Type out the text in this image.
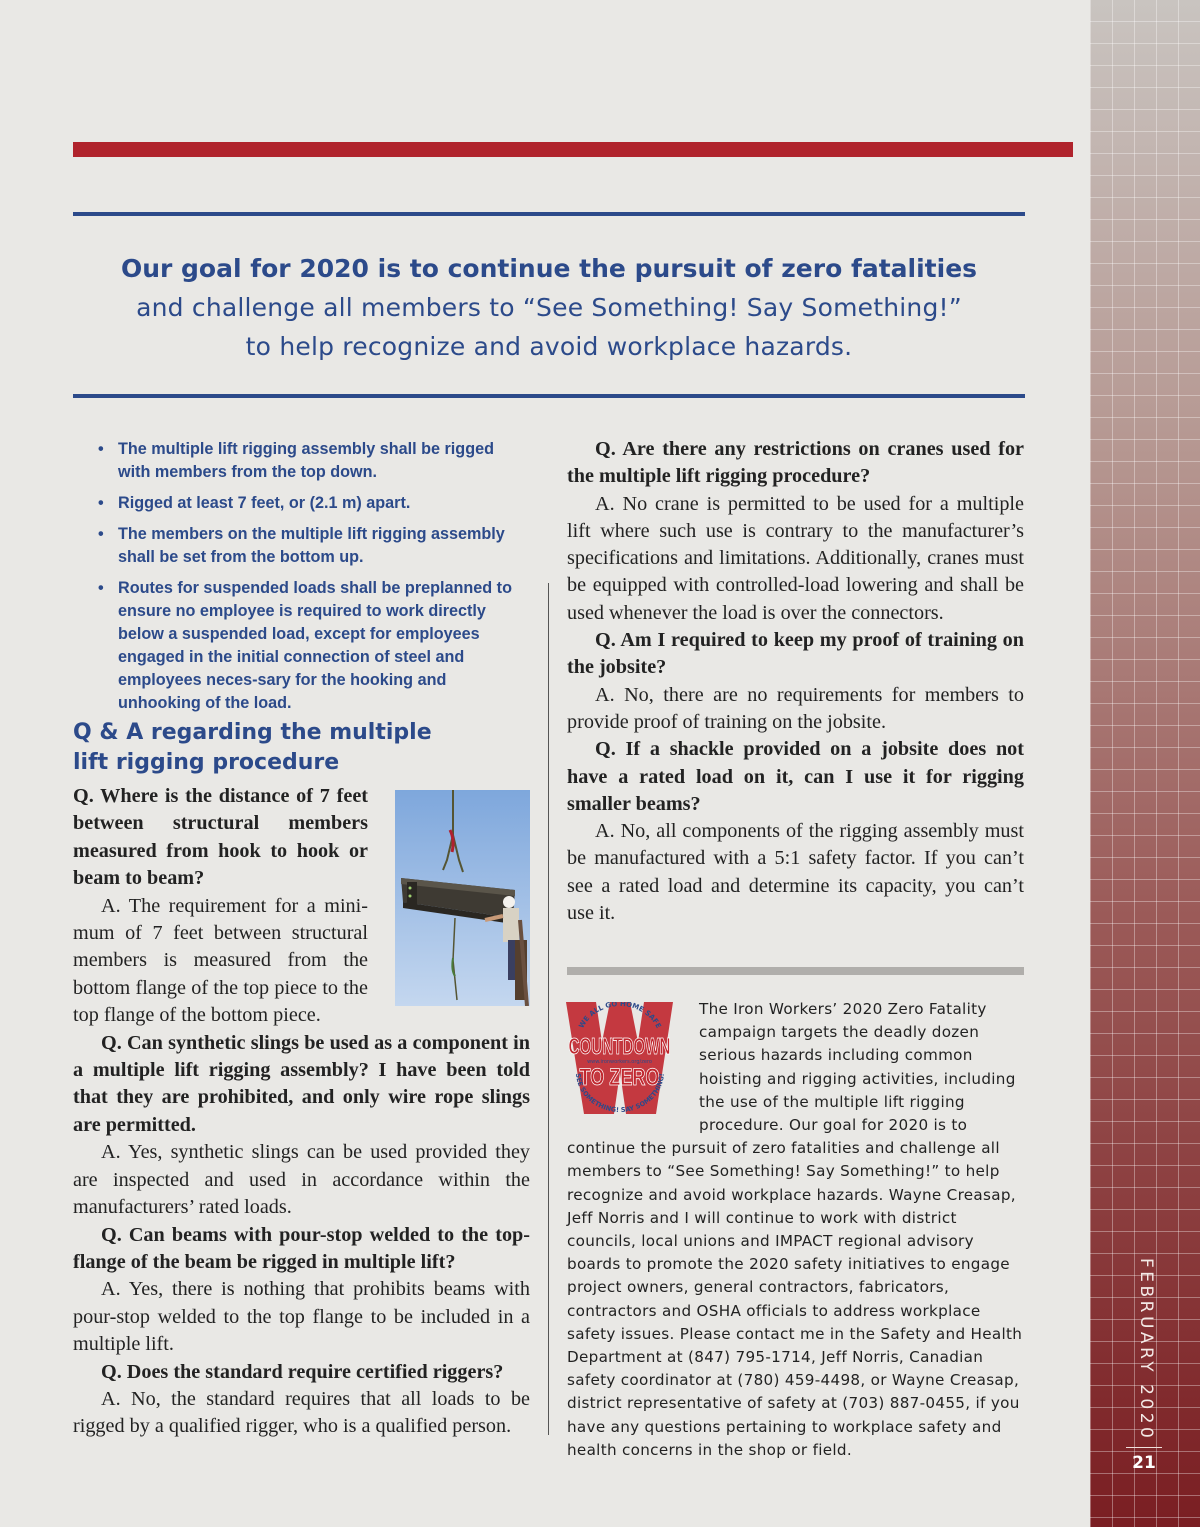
Our goal for 2020 is to continue the pursuit of zero fatalities
and challenge all members to “See Something! Say Something!”
to help recognize and avoid workplace hazards.
• The multiple lift rigging assembly shall be rigged with members from the top down.
• Rigged at least 7 feet, or (2.1 m) apart.
• The members on the multiple lift rigging assembly shall be set from the bottom up.
• Routes for suspended loads shall be preplanned to ensure no employee is required to work directly below a suspended load, except for employees engaged in the initial connection of steel and employees neces-sary for the hooking and unhooking of the load.
Q & A regarding the multiple lift rigging procedure

Q. Where is the distance of 7 feet between structural members measured from hook to hook or beam to beam?

A. The requirement for a mini-mum of 7 feet between structural members is measured from the bottom flange of the top piece to the top flange of the bottom piece.

Q. Can synthetic slings be used as a component in a multiple lift rigging assembly? I have been told that they are prohibited, and only wire rope slings are permitted.

A. Yes, synthetic slings can be used provided they are inspected and used in accordance within the manufacturers’ rated loads.

Q. Can beams with pour-stop welded to the top-flange of the beam be rigged in multiple lift?

A. Yes, there is nothing that prohibits beams with pour-stop welded to the top flange to be included in a multiple lift.

Q. Does the standard require certified riggers?

A. No, the standard requires that all loads to be rigged by a qualified rigger, who is a qualified person.

Q. Are there any restrictions on cranes used for the multiple lift rigging procedure?

A. No crane is permitted to be used for a multiple lift where such use is contrary to the manufacturer’s specifications and limitations. Additionally, cranes must be equipped with controlled-load lowering and shall be used whenever the load is over the connectors.

Q. Am I required to keep my proof of training on the jobsite?

A. No, there are no requirements for members to provide proof of training on the jobsite.

Q. If a shackle provided on a jobsite does not have a rated load on it, can I use it for rigging smaller beams?

A. No, all components of the rigging assembly must be manufactured with a 5:1 safety factor. If you can’t see a rated load and determine its capacity, you can’t use it.

The Iron Workers’ 2020 Zero Fatality campaign targets the deadly dozen serious hazards including common hoisting and rigging activities, including the use of the multiple lift rigging procedure. Our goal for 2020 is to continue the pursuit of zero fatalities and challenge all members to “See Something! Say Something!” to help recognize and avoid workplace hazards. Wayne Creasap, Jeff Norris and I will continue to work with district councils, local unions and IMPACT regional advisory boards to promote the 2020 safety initiatives to engage project owners, general contractors, fabricators, contractors and OSHA officials to address workplace safety issues. Please contact me in the Safety and Health Department at (847) 795-1714, Jeff Norris, Canadian safety coordinator at (780) 459-4498, or Wayne Creasap, district representative of safety at (703) 887-0455, if you have any questions pertaining to workplace safety and health concerns in the shop or field.

WE ALL GO HOME SAFE
COUNTDOWN
www.ironworkers.org/zero
TO ZERO
SEE SOMETHING! SAY SOMETHING!
FEBRUARY 2020
21
